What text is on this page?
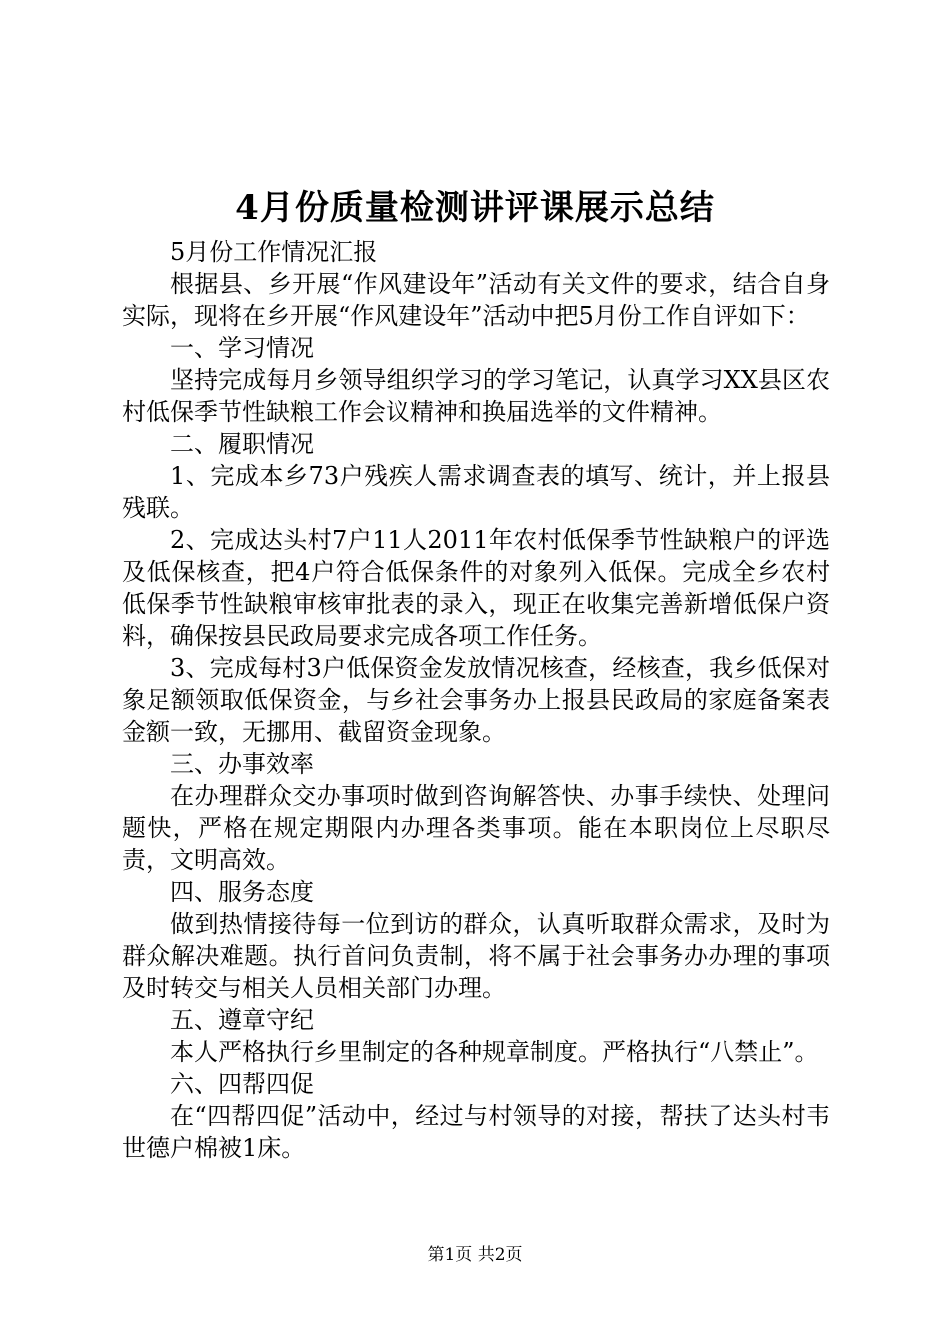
4月份质量检测讲评课展示总结

5月份工作情况汇报

根据县、乡开展“作风建设年”活动有关文件的要求，结合自身实际，现将在乡开展“作风建设年”活动中把5月份工作自评如下：

一、学习情况

坚持完成每月乡领导组织学习的学习笔记，认真学习XX县区农村低保季节性缺粮工作会议精神和换届选举的文件精神。

二、履职情况

1、完成本乡73户残疾人需求调查表的填写、统计，并上报县残联。

2、完成达头村7户11人2011年农村低保季节性缺粮户的评选及低保核查，把4户符合低保条件的对象列入低保。完成全乡农村低保季节性缺粮审核审批表的录入，现正在收集完善新增低保户资料，确保按县民政局要求完成各项工作任务。

3、完成每村3户低保资金发放情况核查，经核查，我乡低保对象足额领取低保资金，与乡社会事务办上报县民政局的家庭备案表金额一致，无挪用、截留资金现象。

三、办事效率

在办理群众交办事项时做到咨询解答快、办事手续快、处理问题快，严格在规定期限内办理各类事项。能在本职岗位上尽职尽责，文明高效。

四、服务态度

做到热情接待每一位到访的群众，认真听取群众需求，及时为群众解决难题。执行首问负责制，将不属于社会事务办办理的事项及时转交与相关人员相关部门办理。

五、遵章守纪

本人严格执行乡里制定的各种规章制度。严格执行“八禁止”。

六、四帮四促

在“四帮四促”活动中，经过与村领导的对接，帮扶了达头村韦世德户棉被1床。

第1页 共2页
